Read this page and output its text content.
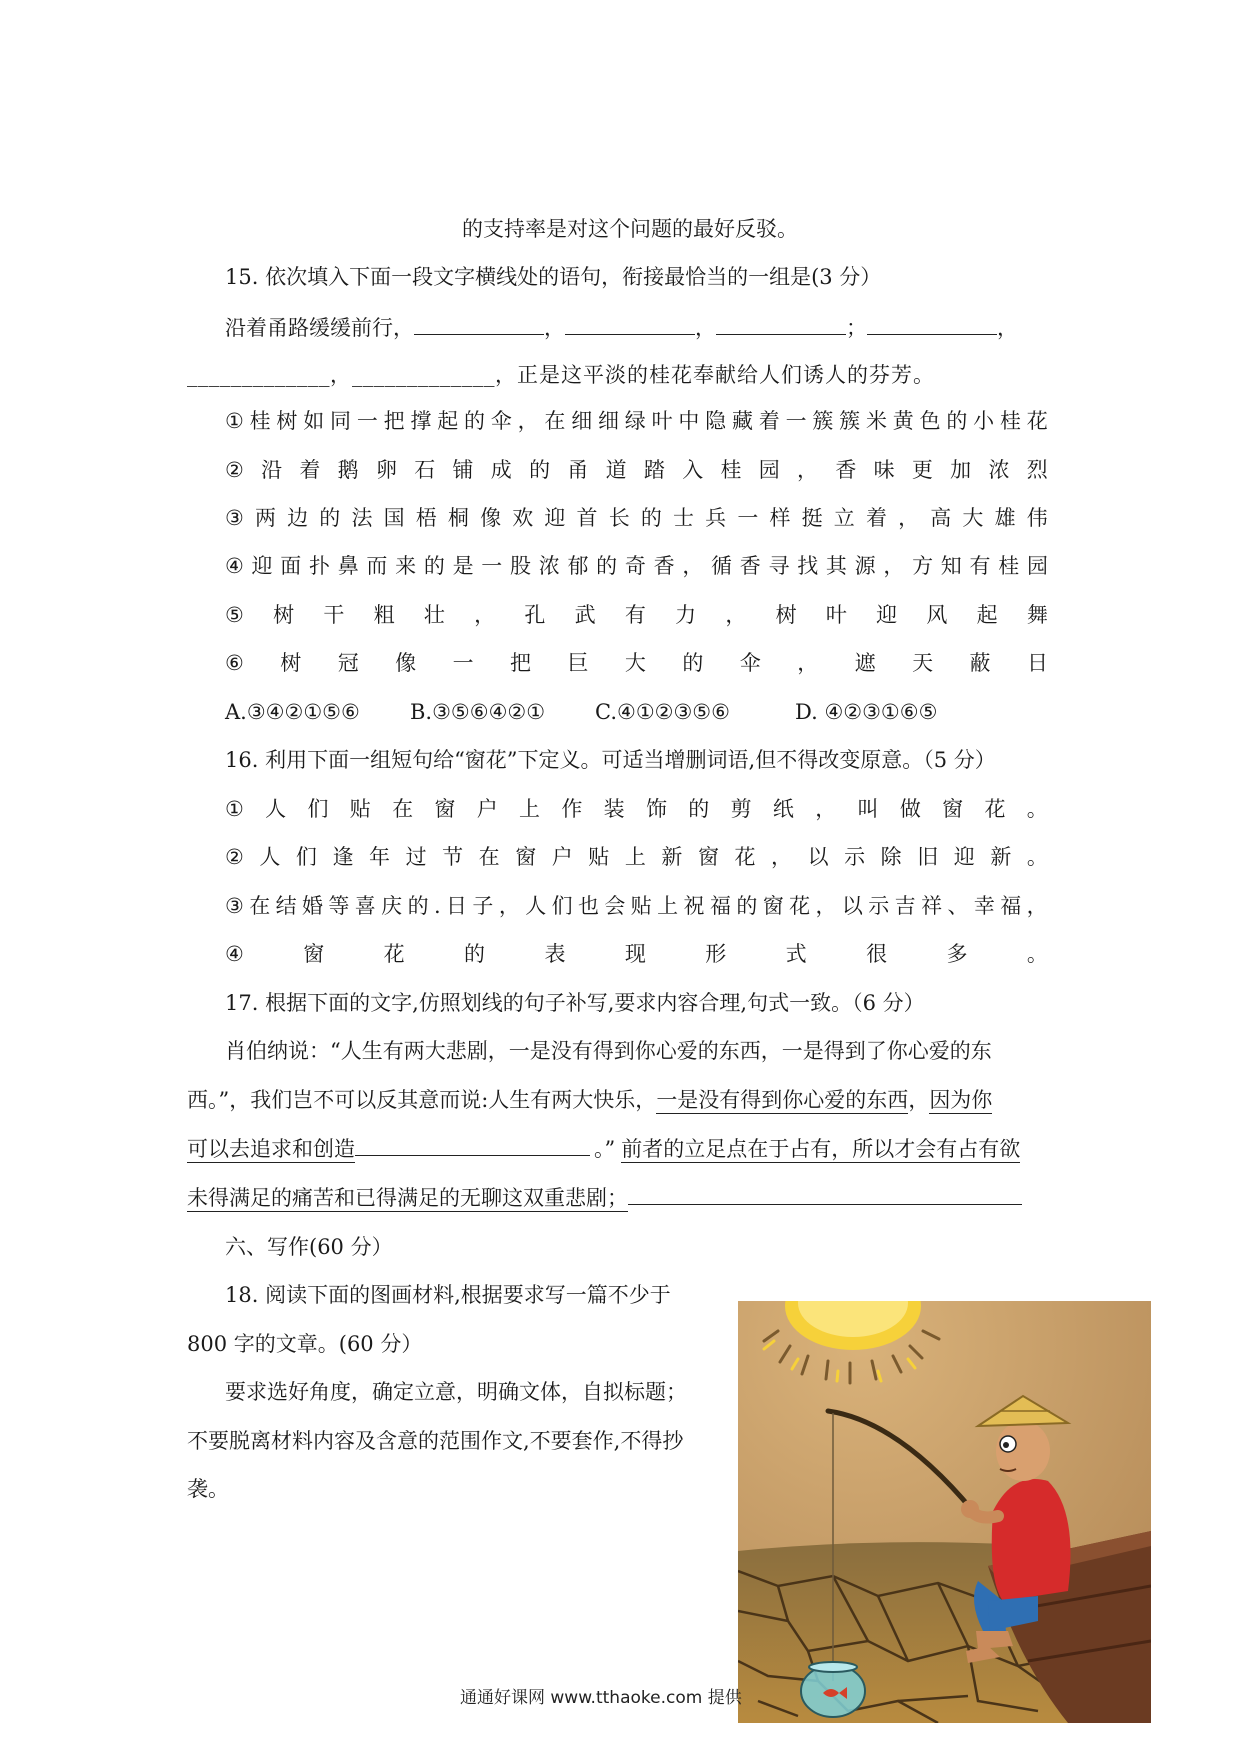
的支持率是对这个问题的最好反驳。
15. 依次填入下面一段文字横线处的语句，衔接最恰当的一组是(3 分）
沿着甬路缓缓前行，	，	，	；	，
_____________，_____________，正是这平淡的桂花奉献给人们诱人的芬芳。
① 桂 树 如 同 一 把 撑 起 的 伞 ， 在 细 细 绿 叶 中 隐 藏 着 一 簇 簇 米 黄 色 的 小 桂 花
② 沿 着 鹅 卵 石 铺 成 的 甬 道 踏 入 桂 园 ， 香 味 更 加 浓 烈
③ 两 边 的 法 国 梧 桐 像 欢 迎 首 长 的 士 兵 一 样 挺 立 着 ， 高 大 雄 伟
④ 迎 面 扑 鼻 而 来 的 是 一 股 浓 郁 的 奇 香 ， 循 香 寻 找 其 源 ， 方 知 有 桂 园
⑤ 树 干 粗 壮 ， 孔 武 有 力 ， 树 叶 迎 风 起 舞
⑥ 树 冠 像 一 把 巨 大 的 伞 ， 遮 天 蔽 日
A.③④②①⑤⑥ B.③⑤⑥④②① C.④①②③⑤⑥	D. ④②③①⑥⑤
16. 利用下面一组短句给“窗花”下定义。可适当增删词语,但不得改变原意。（5 分）
① 人 们 贴 在 窗 户 上 作 装 饰 的 剪 纸 ， 叫 做 窗 花 。
② 人 们 逢 年 过 节 在 窗 户 贴 上 新 窗 花 ， 以 示 除 旧 迎 新 。
③ 在 结 婚 等 喜 庆 的 . 日 子 ， 人 们 也 会 贴 上 祝 福 的 窗 花 ， 以 示 吉 祥 、 幸 福 ，
④	窗	花	的	表	现	形	式	很	多	。
17. 根据下面的文字,仿照划线的句子补写,要求内容合理,句式一致。（6 分）
肖伯纳说：“人生有两大悲剧，一是没有得到你心爱的东西，一是得到了你心爱的东
西。”，我们岂不可以反其意而说:人生有两大快乐，一是没有得到你心爱的东西，因为你
可以去追求和创造	。” 前者的立足点在于占有，所以才会有占有欲
未得满足的痛苦和已得满足的无聊这双重悲剧；
六、写作(60 分）
18. 阅读下面的图画材料,根据要求写一篇不少于
800 字的文章。(60 分）
要求选好角度，确定立意，明确文体，自拟标题；
不要脱离材料内容及含意的范围作文,不要套作,不得抄
袭。
通通好课网 www.tthaoke.com 提供
